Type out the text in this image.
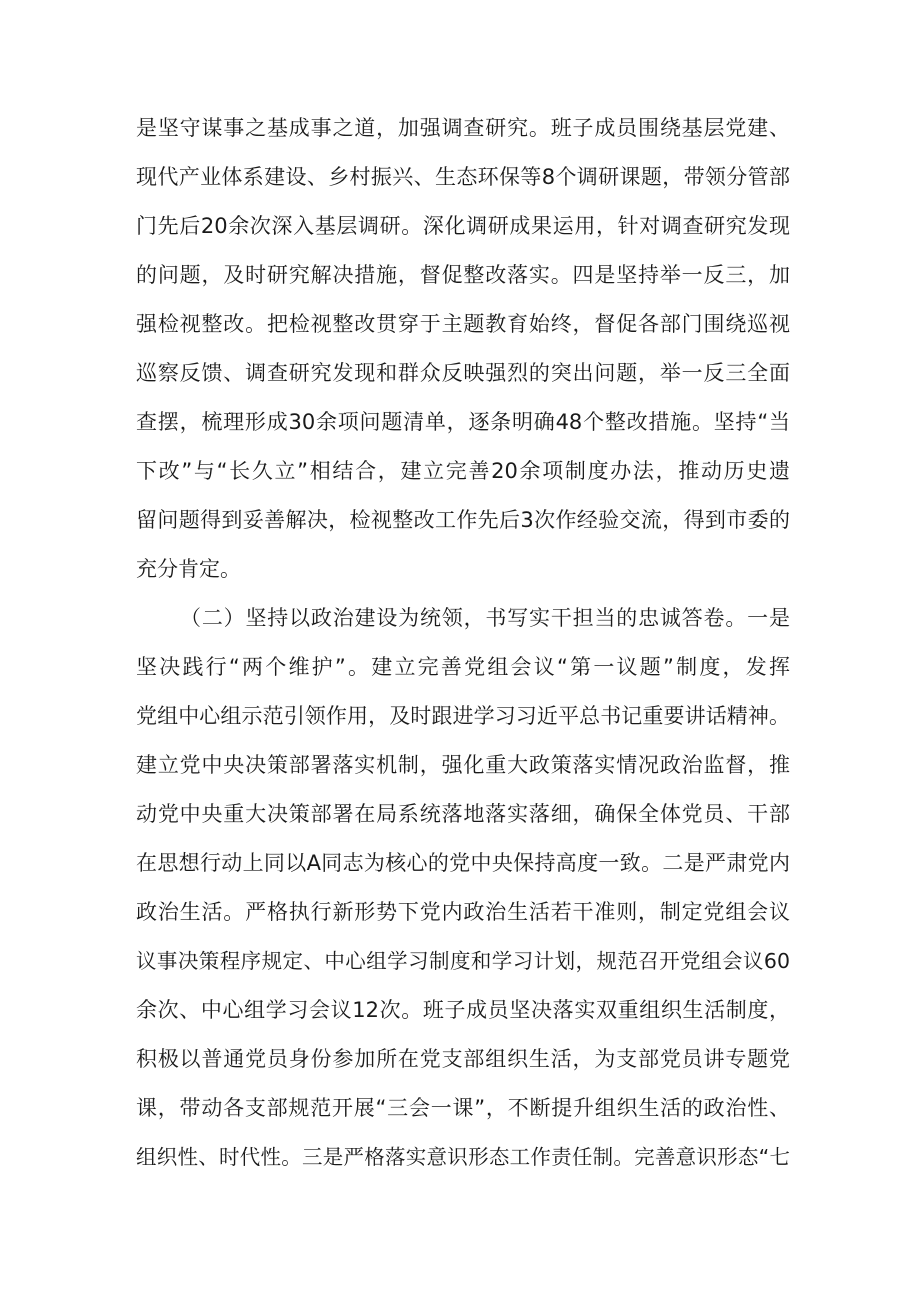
是坚守谋事之基成事之道，加强调查研究。班子成员围绕基层党建、
现代产业体系建设、乡村振兴、生态环保等8个调研课题，带领分管部
门先后20余次深入基层调研。深化调研成果运用，针对调查研究发现
的问题，及时研究解决措施，督促整改落实。四是坚持举一反三，加
强检视整改。把检视整改贯穿于主题教育始终，督促各部门围绕巡视
巡察反馈、调查研究发现和群众反映强烈的突出问题，举一反三全面
查摆，梳理形成30余项问题清单，逐条明确48个整改措施。坚持“当
下改”与“长久立”相结合，建立完善20余项制度办法，推动历史遗
留问题得到妥善解决，检视整改工作先后3次作经验交流，得到市委的
充分肯定。
（二）坚持以政治建设为统领，书写实干担当的忠诚答卷。一是
坚决践行“两个维护”。建立完善党组会议“第一议题”制度，发挥
党组中心组示范引领作用，及时跟进学习习近平总书记重要讲话精神。
建立党中央决策部署落实机制，强化重大政策落实情况政治监督，推
动党中央重大决策部署在局系统落地落实落细，确保全体党员、干部
在思想行动上同以A同志为核心的党中央保持高度一致。二是严肃党内
政治生活。严格执行新形势下党内政治生活若干准则，制定党组会议
议事决策程序规定、中心组学习制度和学习计划，规范召开党组会议60
余次、中心组学习会议12次。班子成员坚决落实双重组织生活制度，
积极以普通党员身份参加所在党支部组织生活，为支部党员讲专题党
课，带动各支部规范开展“三会一课”，不断提升组织生活的政治性、
组织性、时代性。三是严格落实意识形态工作责任制。完善意识形态“七
